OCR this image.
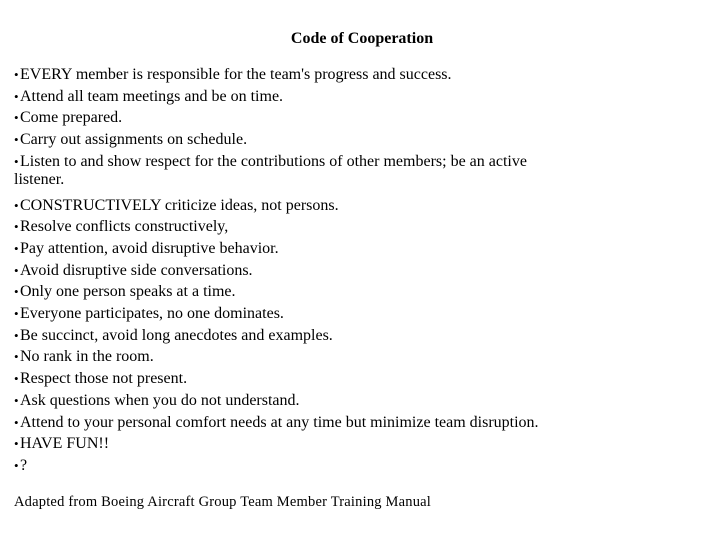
Code of Cooperation
•EVERY member is responsible for the team's progress and success.
•Attend all team meetings and be on time.
•Come prepared.
•Carry out assignments on schedule.
•Listen to and show respect for the contributions of other members; be an active
listener.
•CONSTRUCTIVELY criticize ideas, not persons.
•Resolve conflicts constructively,
•Pay attention, avoid disruptive behavior.
•Avoid disruptive side conversations.
•Only one person speaks at a time.
•Everyone participates, no one dominates.
•Be succinct, avoid long anecdotes and examples.
•No rank in the room.
•Respect those not present.
•Ask questions when you do not understand.
•Attend to your personal comfort needs at any time but minimize team disruption.
•HAVE FUN!!
•?
Adapted from Boeing Aircraft Group Team Member Training Manual
